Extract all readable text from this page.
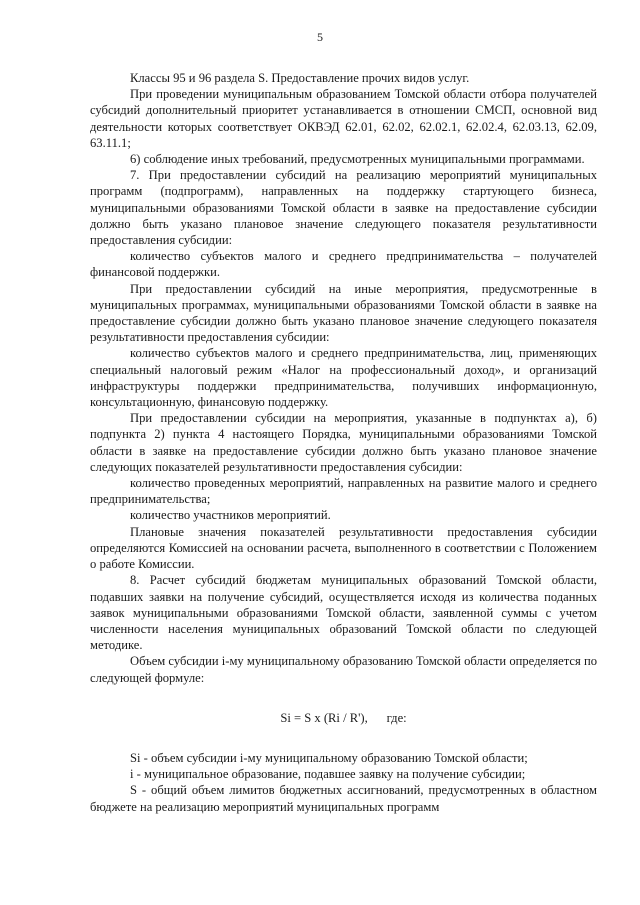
5

Классы 95 и 96 раздела S. Предоставление прочих видов услуг.

При проведении муниципальным образованием Томской области отбора получателей субсидий дополнительный приоритет устанавливается в отношении СМСП, основной вид деятельности которых соответствует ОКВЭД 62.01, 62.02, 62.02.1, 62.02.4, 62.03.13, 62.09, 63.11.1;

6) соблюдение иных требований, предусмотренных муниципальными программами.

7. При предоставлении субсидий на реализацию мероприятий муниципальных программ (подпрограмм), направленных на поддержку стартующего бизнеса, муниципальными образованиями Томской области в заявке на предоставление субсидии должно быть указано плановое значение следующего показателя результативности предоставления субсидии:

количество субъектов малого и среднего предпринимательства – получателей финансовой поддержки.

При предоставлении субсидий на иные мероприятия, предусмотренные в муниципальных программах, муниципальными образованиями Томской области в заявке на предоставление субсидии должно быть указано плановое значение следующего показателя результативности предоставления субсидии:

количество субъектов малого и среднего предпринимательства, лиц, применяющих специальный налоговый режим «Налог на профессиональный доход», и организаций инфраструктуры поддержки предпринимательства, получивших информационную, консультационную, финансовую поддержку.

При предоставлении субсидии на мероприятия, указанные в подпунктах а), б) подпункта 2) пункта 4 настоящего Порядка, муниципальными образованиями Томской области в заявке на предоставление субсидии должно быть указано плановое значение следующих показателей результативности предоставления субсидии:

количество проведенных мероприятий, направленных на развитие малого и среднего предпринимательства;

количество участников мероприятий.

Плановые значения показателей результативности предоставления субсидии определяются Комиссией на основании расчета, выполненного в соответствии с Положением о работе Комиссии.

8. Расчет субсидий бюджетам муниципальных образований Томской области, подавших заявки на получение субсидий, осуществляется исходя из количества поданных заявок муниципальными образованиями Томской области, заявленной суммы с учетом численности населения муниципальных образований Томской области по следующей методике.

Объем субсидии i-му муниципальному образованию Томской области определяется по следующей формуле:

Si = S x (Ri / R'),      где:

Si - объем субсидии i-му муниципальному образованию Томской области;

i - муниципальное образование, подавшее заявку на получение субсидии;

S - общий объем лимитов бюджетных ассигнований, предусмотренных в областном бюджете на реализацию мероприятий муниципальных программ
